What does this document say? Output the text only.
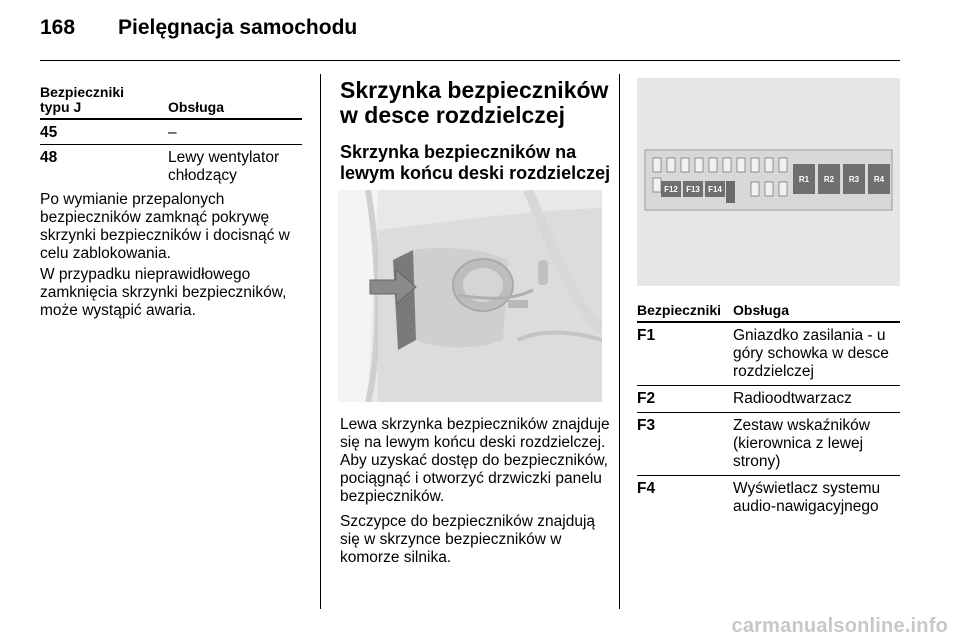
168 Pielęgnacja samochodu
Bezpieczniki typu J	Obsługa
45	–
48	Lewy wentylator chłodzący
Po wymianie przepalonych bezpieczników zamknąć pokrywę skrzynki bezpieczników i docisnąć w celu zablokowania.
W przypadku nieprawidłowego zamknięcia skrzynki bezpieczników, może wystąpić awaria.
Skrzynka bezpieczników w desce rozdzielczej
Skrzynka bezpieczników na lewym końcu deski rozdzielczej
Lewa skrzynka bezpieczników znajduje się na lewym końcu deski rozdzielczej. Aby uzyskać dostęp do bezpieczników, pociągnąć i otworzyć drzwiczki panelu bezpieczników.
Szczypce do bezpieczników znajdują się w skrzynce bezpieczników w komorze silnika.
F12 F13 F14
R1 R2 R3 R4
Bezpieczniki Obsługa
F1	Gniazdko zasilania - u góry schowka w desce rozdzielczej
F2	Radioodtwarzacz
F3	Zestaw wskaźników (kierownica z lewej strony)
F4	Wyświetlacz systemu audio-nawigacyjnego
carmanualsonline.info
